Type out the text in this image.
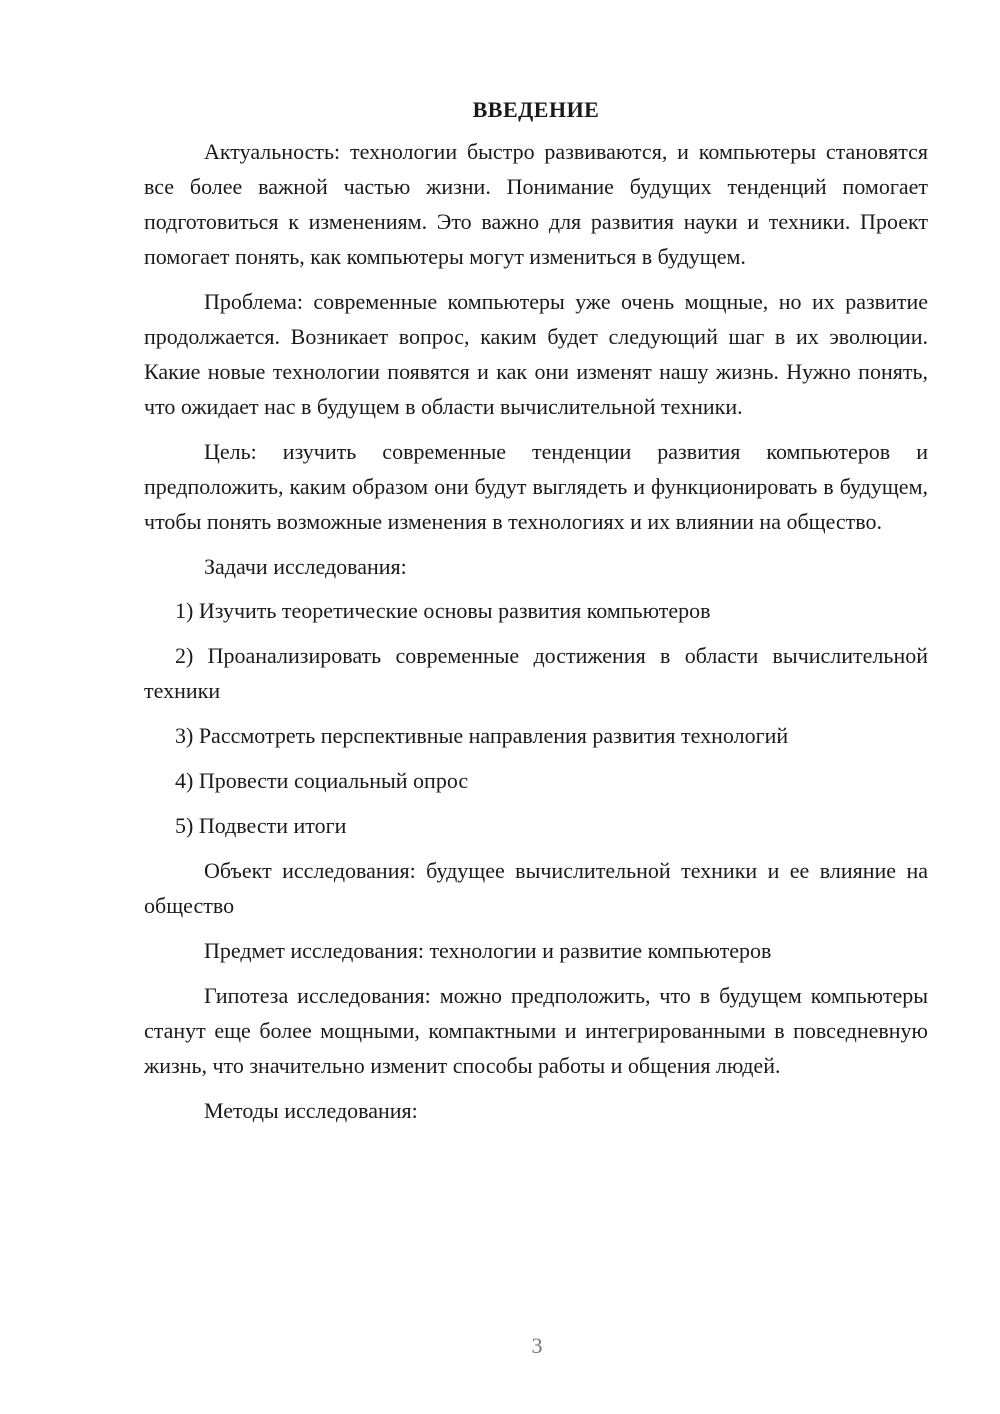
ВВЕДЕНИЕ

Актуальность: технологии быстро развиваются, и компьютеры становятся все более важной частью жизни. Понимание будущих тенденций помогает подготовиться к изменениям. Это важно для развития науки и техники. Проект помогает понять, как компьютеры могут измениться в будущем.

Проблема: современные компьютеры уже очень мощные, но их развитие продолжается. Возникает вопрос, каким будет следующий шаг в их эволюции. Какие новые технологии появятся и как они изменят нашу жизнь. Нужно понять, что ожидает нас в будущем в области вычислительной техники.

Цель: изучить современные тенденции развития компьютеров и предположить, каким образом они будут выглядеть и функционировать в будущем, чтобы понять возможные изменения в технологиях и их влиянии на общество.

Задачи исследования:

1) Изучить теоретические основы развития компьютеров

2) Проанализировать современные достижения в области вычислительной техники

3) Рассмотреть перспективные направления развития технологий

4) Провести социальный опрос

5) Подвести итоги

Объект исследования: будущее вычислительной техники и ее влияние на общество

Предмет исследования: технологии и развитие компьютеров

Гипотеза исследования: можно предположить, что в будущем компьютеры станут еще более мощными, компактными и интегрированными в повседневную жизнь, что значительно изменит способы работы и общения людей.

Методы исследования:

3
